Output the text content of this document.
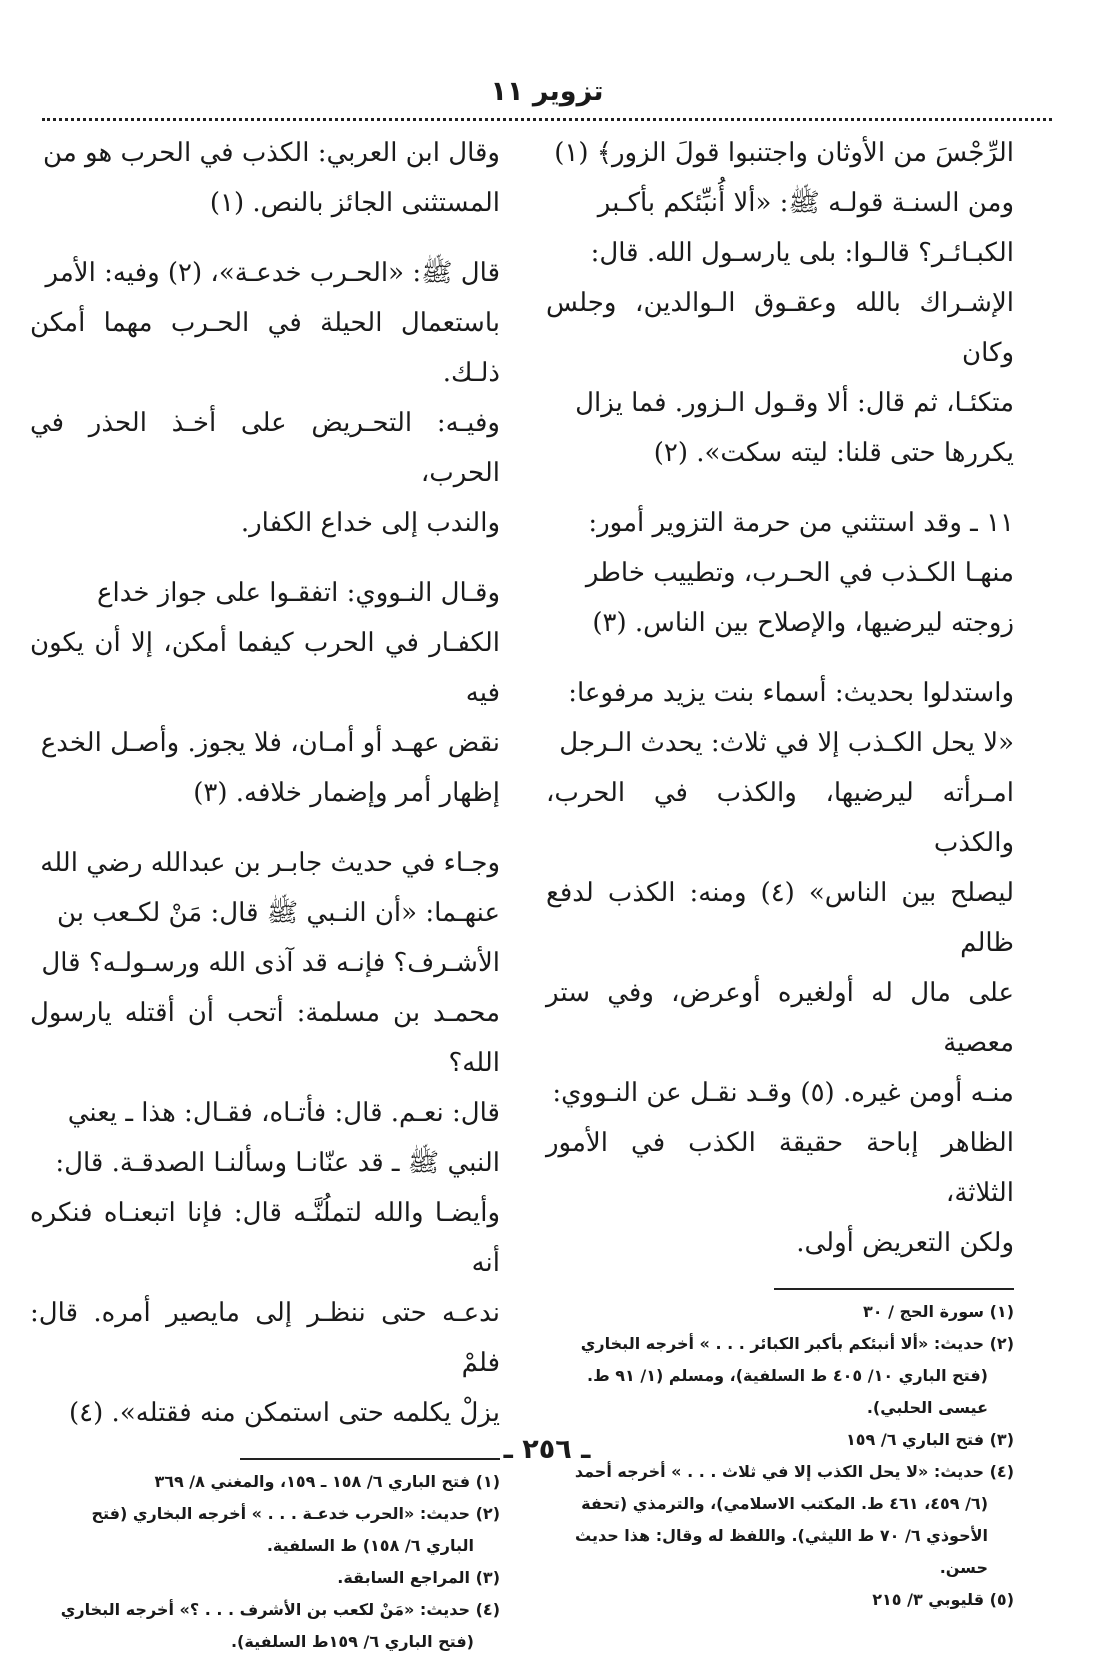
تزوير ١١

الرِّجْسَ من الأوثان واجتنبوا قولَ الزور﴾ (١)

ومن السنـة قولـه ﷺ: «ألا أُنبِّئكم بأكـبر

الكبـائـر؟ قالـوا: بلى يارسـول الله. قال:

الإشـراك بالله وعقـوق الـوالدين، وجلس وكان

متكئـا، ثم قال: ألا وقـول الـزور. فما يزال

يكررها حتى قلنا: ليته سكت». (٢)

١١ ـ وقد استثني من حرمة التزوير أمور:

منهـا الكـذب في الحـرب، وتطييب خاطر

زوجته ليرضيها، والإصلاح بين الناس. (٣)

واستدلوا بحديث: أسماء بنت يزيد مرفوعا:

«لا يحل الكـذب إلا في ثلاث: يحدث الـرجل

امـرأته ليرضيها، والكذب في الحرب، والكذب

ليصلح بين الناس» (٤) ومنه: الكذب لدفع ظالم

على مال له أولغيره أوعرض، وفي ستر معصية

منـه أومن غيره. (٥) وقـد نقـل عن النـووي:

الظاهر إباحة حقيقة الكذب في الأمور الثلاثة،

ولكن التعريض أولى.

(١) سورة الحج / ٣٠

(٢) حديث: «ألا أنبئكم بأكبر الكبائر . . . » أخرجه البخاري

(فتح الباري ١٠/ ٤٠٥ ط السلفية)، ومسلم (١/ ٩١ ط.

عيسى الحلبي).

(٣) فتح الباري ٦/ ١٥٩

(٤) حديث: «لا يحل الكذب إلا في ثلاث . . . » أخرجه أحمد

(٦/ ٤٥٩، ٤٦١ ط. المكتب الاسلامي)، والترمذي (تحفة

الأحوذي ٦/ ٧٠ ط الليثي). واللفظ له وقال: هذا حديث

حسن.

(٥) قليوبي ٣/ ٢١٥

وقال ابن العربي: الكذب في الحرب هو من

المستثنى الجائز بالنص. (١)

قال ﷺ: «الحـرب خدعـة»، (٢) وفيه: الأمر

باستعمال الحيلة في الحـرب مهما أمكن ذلـك.

وفيـه: التحـريض على أخـذ الحذر في الحرب،

والندب إلى خداع الكفار.

وقـال النـووي: اتفقـوا على جواز خداع

الكفـار في الحرب كيفما أمكن، إلا أن يكون فيه

نقض عهـد أو أمـان، فلا يجوز. وأصـل الخدع

إظهار أمر وإضمار خلافه. (٣)

وجـاء في حديث جابـر بن عبدالله رضي الله

عنهـما: «أن النـبي ﷺ قال: مَنْ لكـعب بن

الأشـرف؟ فإنـه قد آذى الله ورسـولـه؟ قال

محمـد بن مسلمة: أتحب أن أقتله يارسول الله؟

قال: نعـم. قال: فأتـاه، فقـال: هذا ـ يعني

النبي ﷺ ـ قد عنّانـا وسألنـا الصدقـة. قال:

وأيضـا والله لتملُنَّـه قال: فإنا اتبعنـاه فنكره أنه

ندعـه حتى ننظـر إلى مايصير أمره. قال: فلمْ

يزلْ يكلمه حتى استمكن منه فقتله». (٤)

(١) فتح الباري ٦/ ١٥٨ ـ ١٥٩، والمغني ٨/ ٣٦٩

(٢) حديث: «الحرب خدعـة . . . » أخرجه البخاري (فتح

الباري ٦/ ١٥٨) ط السلفية.

(٣) المراجع السابقة.

(٤) حديث: «مَنْ لكعب بن الأشرف . . . ؟» أخرجه البخاري

(فتح الباري ٦/ ١٥٩ط السلفية).

ـ ٢٥٦ ـ
